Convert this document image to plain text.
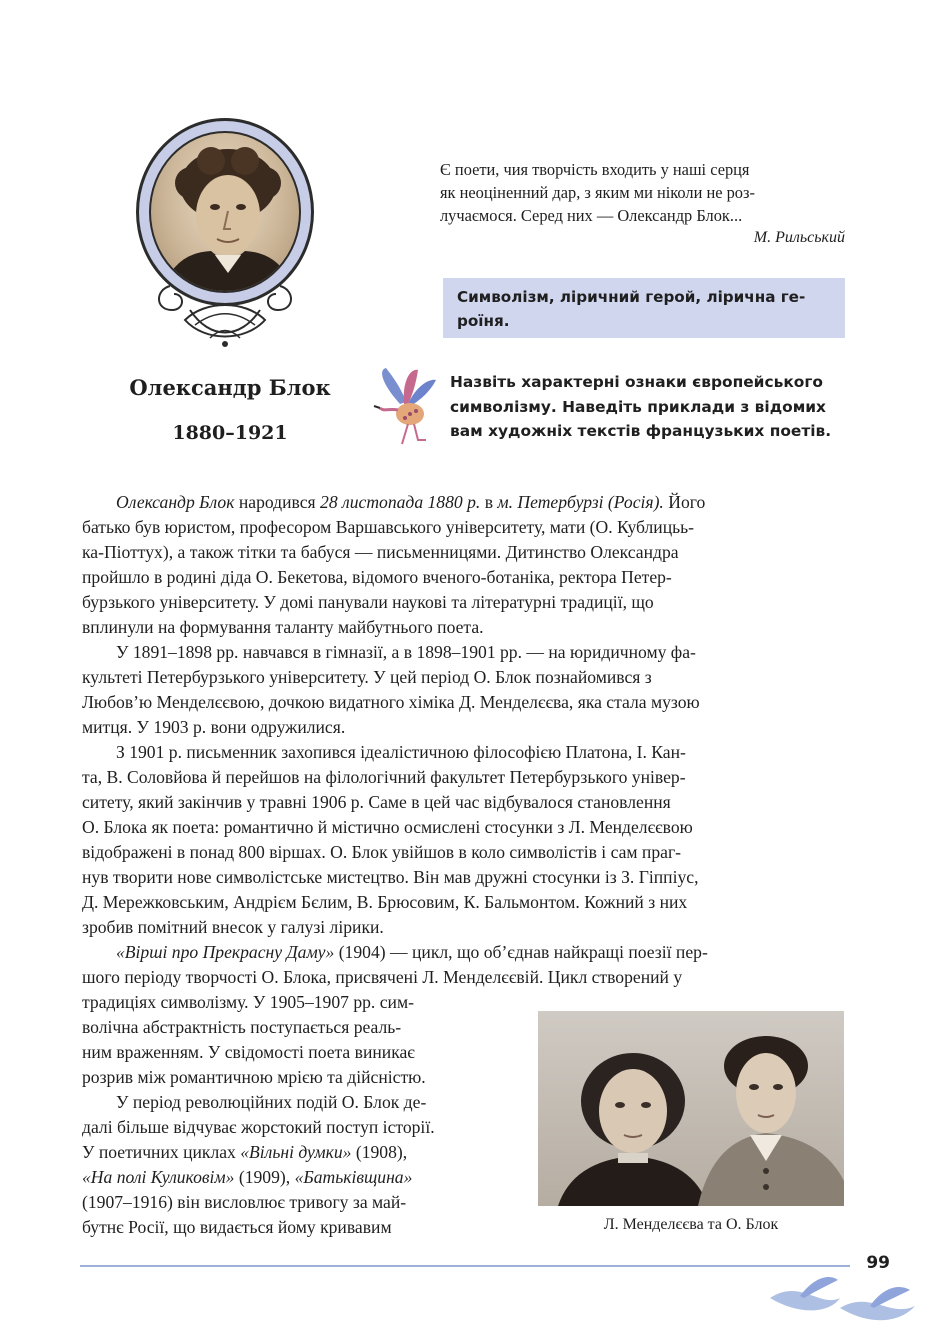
Олександр Блок
1880–1921
Є поети, чия творчість входить у наші серця
як неоціненний дар, з яким ми ніколи не роз-
лучаємося. Серед них — Олександр Блок...
М. Рильський
Символізм, ліричний герой, лірична ге-
роїня.
Назвіть характерні ознаки європейського
символізму. Наведіть приклади з відомих
вам художніх текстів французьких поетів.
Олександр Блок народився 28 листопада 1880 р. в м. Петербурзі (Росія). Його
батько був юристом, професором Варшавського університету, мати (О. Кублицьь-
ка-Піоттух), а також тітки та бабуся — письменницями. Дитинство Олександра
пройшло в родині діда О. Бекетова, відомого вченого-ботаніка, ректора Петер-
бурзького університету. У домі панували наукові та літературні традиції, що
вплинули на формування таланту майбутнього поета.
У 1891–1898 рр. навчався в гімназії, а в 1898–1901 рр. — на юридичному фа-
культеті Петербурзького університету. У цей період О. Блок познайомився з
Любов’ю Менделєєвою, дочкою видатного хіміка Д. Менделєєва, яка стала музою
митця. У 1903 р. вони одружилися.
З 1901 р. письменник захопився ідеалістичною філософією Платона, І. Кан-
та, В. Соловйова й перейшов на філологічний факультет Петербурзького універ-
ситету, який закінчив у травні 1906 р. Саме в цей час відбувалося становлення
О. Блока як поета: романтично й містично осмислені стосунки з Л. Менделєєвою
відображені в понад 800 віршах. О. Блок увійшов в коло символістів і сам праг-
нув творити нове символістське мистецтво. Він мав дружні стосунки із З. Гіппіус,
Д. Мережковським, Андрієм Бєлим, В. Брюсовим, К. Бальмонтом. Кожний з них
зробив помітний внесок у галузі лірики.
«Вірші про Прекрасну Даму» (1904) — цикл, що об’єднав найкращі поезії пер-
шого періоду творчості О. Блока, присвячені Л. Менделєєвій. Цикл створений у
традиціях символізму. У 1905–1907 рр. сим-
волічна абстрактність поступається реаль-
ним враженням. У свідомості поета виникає
розрив між романтичною мрією та дійсністю.
У період революційних подій О. Блок де-
далі більше відчуває жорстокий поступ історії.
У поетичних циклах «Вільні думки» (1908),
«На полі Куликовім» (1909), «Батьківщина»
(1907–1916) він висловлює тривогу за май-
бутнє Росії, що видається йому кривавим	Л. Менделєєва та О. Блок
99
